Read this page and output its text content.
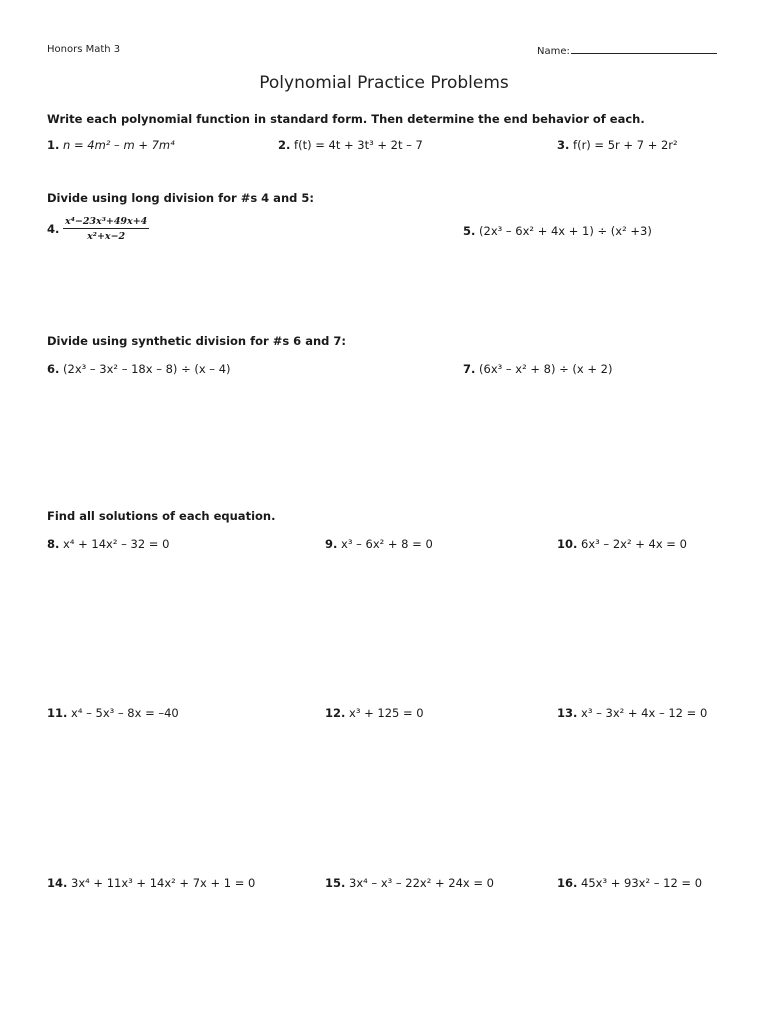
Honors Math 3	Name:
Polynomial Practice Problems
Write each polynomial function in standard form. Then determine the end behavior of each.
1. n = 4m² – m + 7m⁴	2. f(t) = 4t + 3t³ + 2t – 7	3. f(r) = 5r + 7 + 2r²
Divide using long division for #s 4 and 5:
4. $\frac{\text{x⁴−23x³+49x+4}}{\text{x²+x−2}}$	5. (2x³ – 6x² + 4x + 1) ÷ (x² +3)
Divide using synthetic division for #s 6 and 7:
6. (2x³ – 3x² – 18x – 8) ÷ (x – 4)	7. (6x³ – x² + 8) ÷ (x + 2)
Find all solutions of each equation.
8. x⁴ + 14x² – 32 = 0	9. x³ – 6x² + 8 = 0	10. 6x³ – 2x² + 4x = 0
11. x⁴ – 5x³ – 8x = –40	12. x³ + 125 = 0	13. x³ – 3x² + 4x – 12 = 0
14. 3x⁴ + 11x³ + 14x² + 7x + 1 = 0	15. 3x⁴ – x³ – 22x² + 24x = 0	16. 45x³ + 93x² – 12 = 0
